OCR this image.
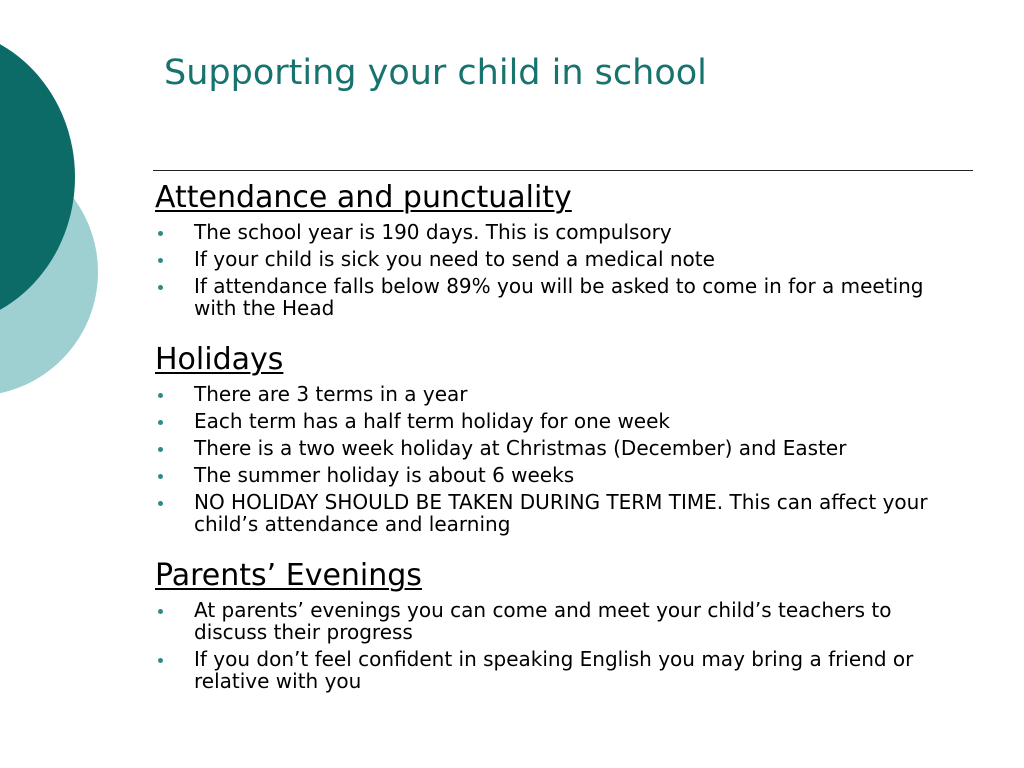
Supporting your child in school
Attendance and punctuality
The school year is 190 days. This is compulsory
If your child is sick you need to send a medical note
If attendance falls below 89% you will be asked to come in for a meeting with the Head
Holidays
There are 3 terms in a year
Each term has a half term holiday for one week
There is a two week holiday at Christmas (December) and Easter
The summer holiday is about 6 weeks
NO HOLIDAY SHOULD BE TAKEN DURING TERM TIME. This can affect your child’s attendance and learning
Parents’ Evenings
At parents’ evenings you can come and meet your child’s teachers to discuss their progress
If you don’t feel confident in speaking English you may bring a friend or relative with you
